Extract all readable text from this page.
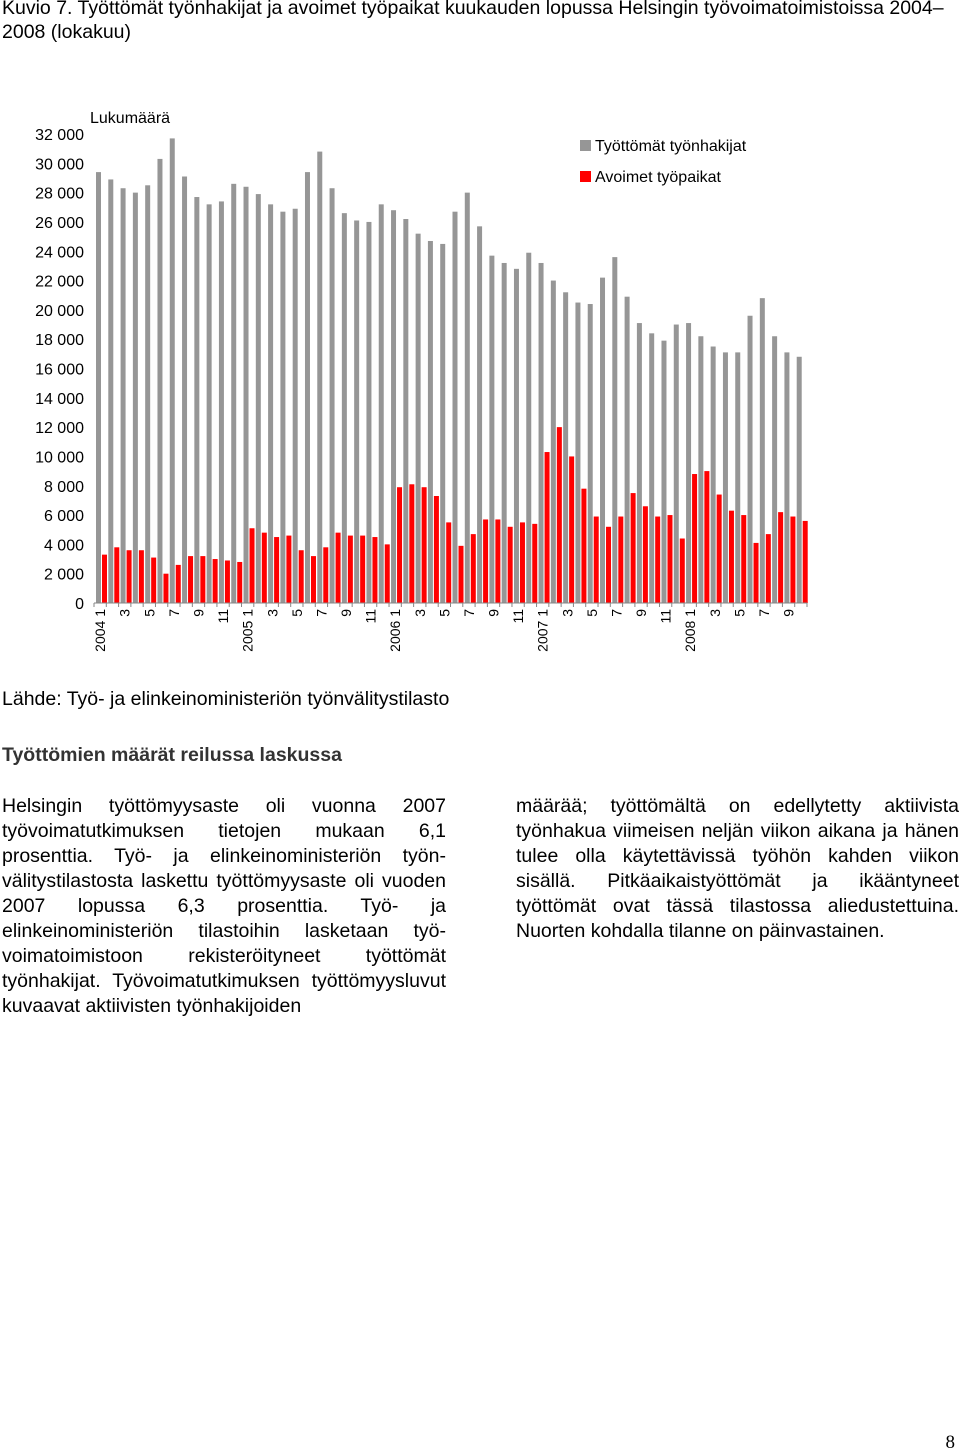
Kuvio 7. Työttömät työnhakijat ja avoimet työpaikat kuukauden lopussa Helsingin työvoimatoimistoissa 2004–2008 (lokakuu)
0
2 000
4 000
6 000
8 000
10 000
12 000
14 000
16 000
18 000
20 000
22 000
24 000
26 000
28 000
30 000
32 000
Lukumäärä
2004 1 3 5 7 9 11 2005 1 3 5 7 9 11 2006 1 3 5 7 9 11 2007 1 3 5 7 9 11 2008 1 3 5 7 9
Työttömät työnhakijat
Avoimet työpaikat
Lähde: Työ- ja elinkeinoministeriön työnvälitystilasto
Työttömien määrät reilussa laskussa
Helsingin työttömyysaste oli vuonna 2007 työvoimatutkimuksen tietojen mukaan 6,1 prosenttia. Työ- ja elinkeinoministeriön työnvälitystilastosta laskettu työttömyysaste oli vuoden 2007 lopussa 6,3 prosenttia. Työ- ja elinkeinoministeriön tilastoihin lasketaan työvoimatoimistoon rekisteröityneet työttömät työnhakijat. Työvoimatutkimuksen työttömyysluvut kuvaavat aktiivisten työnhakijoiden
määrää; työttömältä on edellytetty aktiivista työnhakua viimeisen neljän viikon aikana ja hänen tulee olla käytettävissä työhön kahden viikon sisällä. Pitkäaikaistyöttömät ja ikääntyneet työttömät ovat tässä tilastossa aliedustettuina. Nuorten kohdalla tilanne on päinvastainen.
8
